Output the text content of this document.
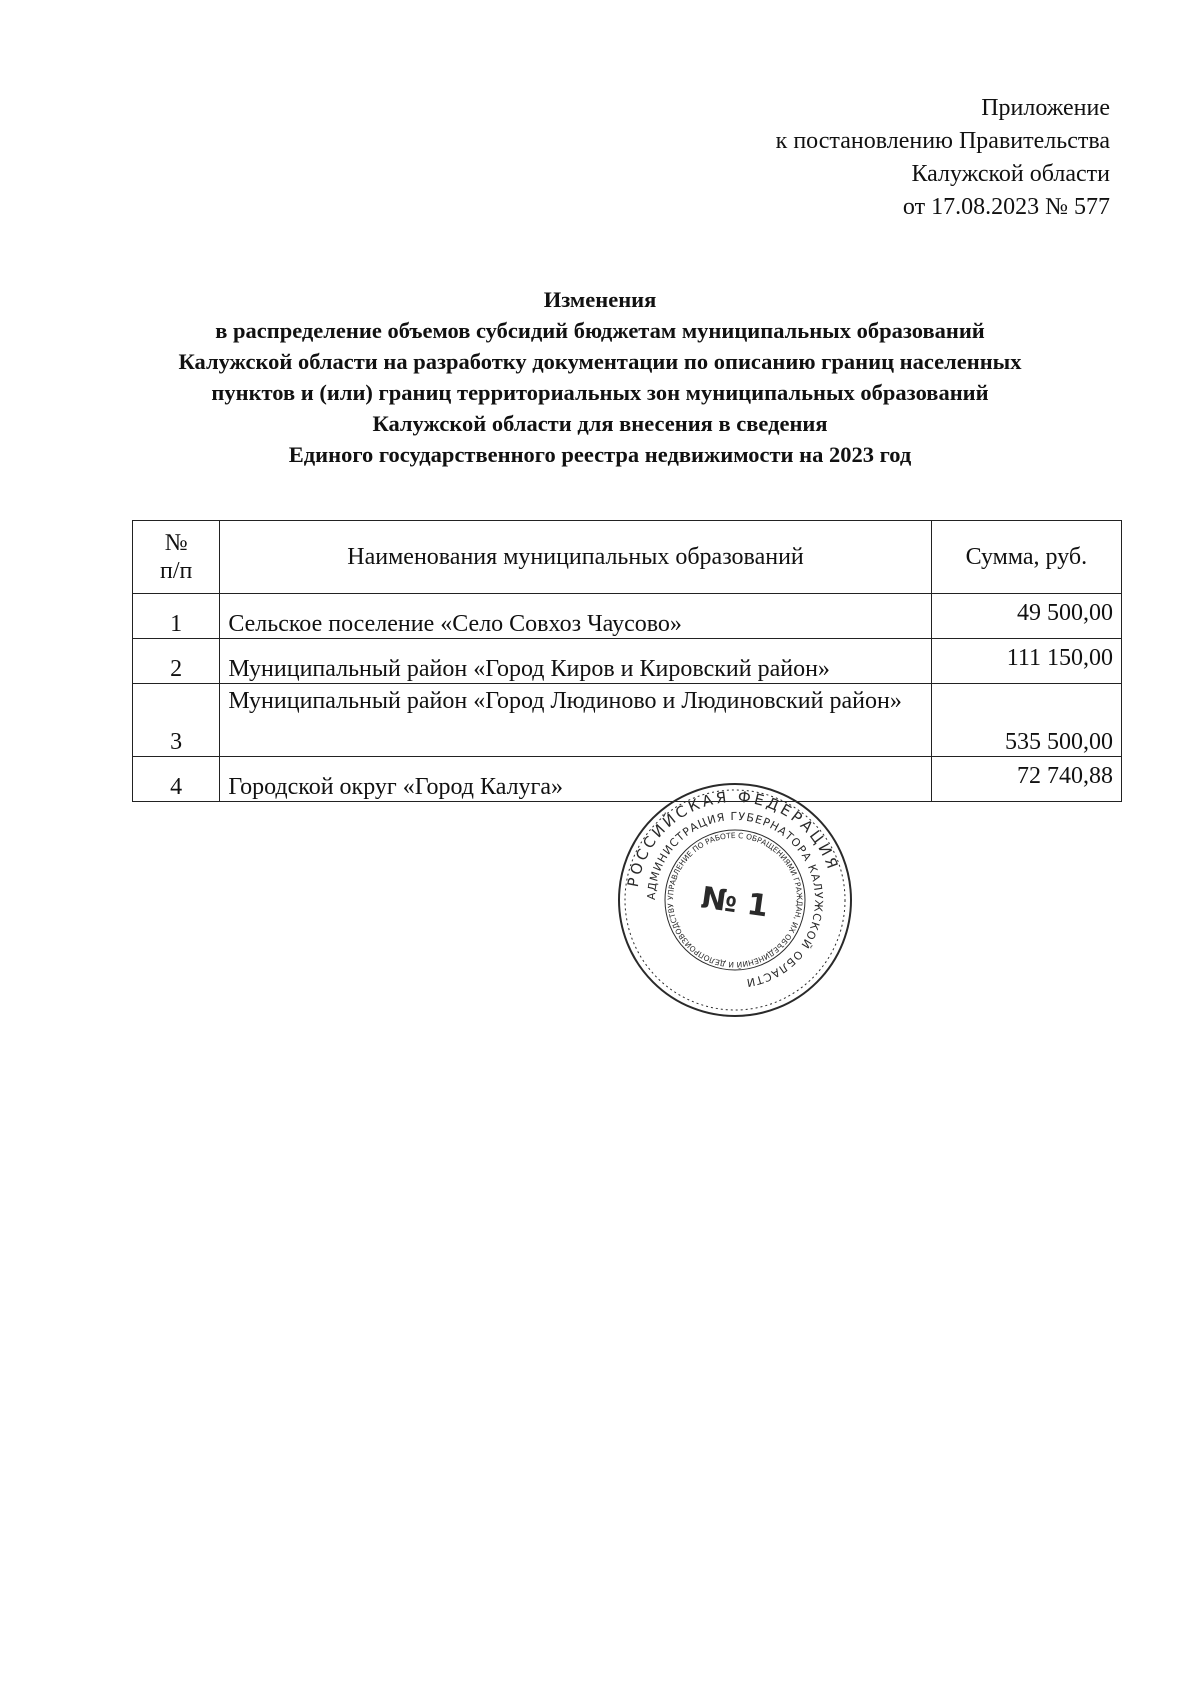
Приложение
к постановлению Правительства
Калужской области
от 17.08.2023 № 577
Изменения
в распределение объемов субсидий бюджетам муниципальных образований
Калужской области на разработку документации по описанию границ населенных
пунктов и (или) границ территориальных зон муниципальных образований
Калужской области для внесения в сведения
Единого государственного реестра недвижимости на 2023 год
№
п/п	Наименования муниципальных образований	Сумма, руб.
1	Сельское поселение «Село Совхоз Чаусово»	49 500,00
2	Муниципальный район «Город Киров и Кировский район»	111 150,00
3	Муниципальный район «Город Людиново и Людиновский район»	535 500,00
4	Городской округ «Город Калуга»	72 740,88
РОССИЙСКАЯ ФЕДЕРАЦИЯ
АДМИНИСТРАЦИЯ ГУБЕРНАТОРА КАЛУЖСКОЙ ОБЛАСТИ
УПРАВЛЕНИЕ ПО РАБОТЕ С ОБРАЩЕНИЯМИ ГРАЖДАН, ИХ ОБЪЕДИНЕНИЙ И ДЕЛОПРОИЗВОДСТВУ № 1
